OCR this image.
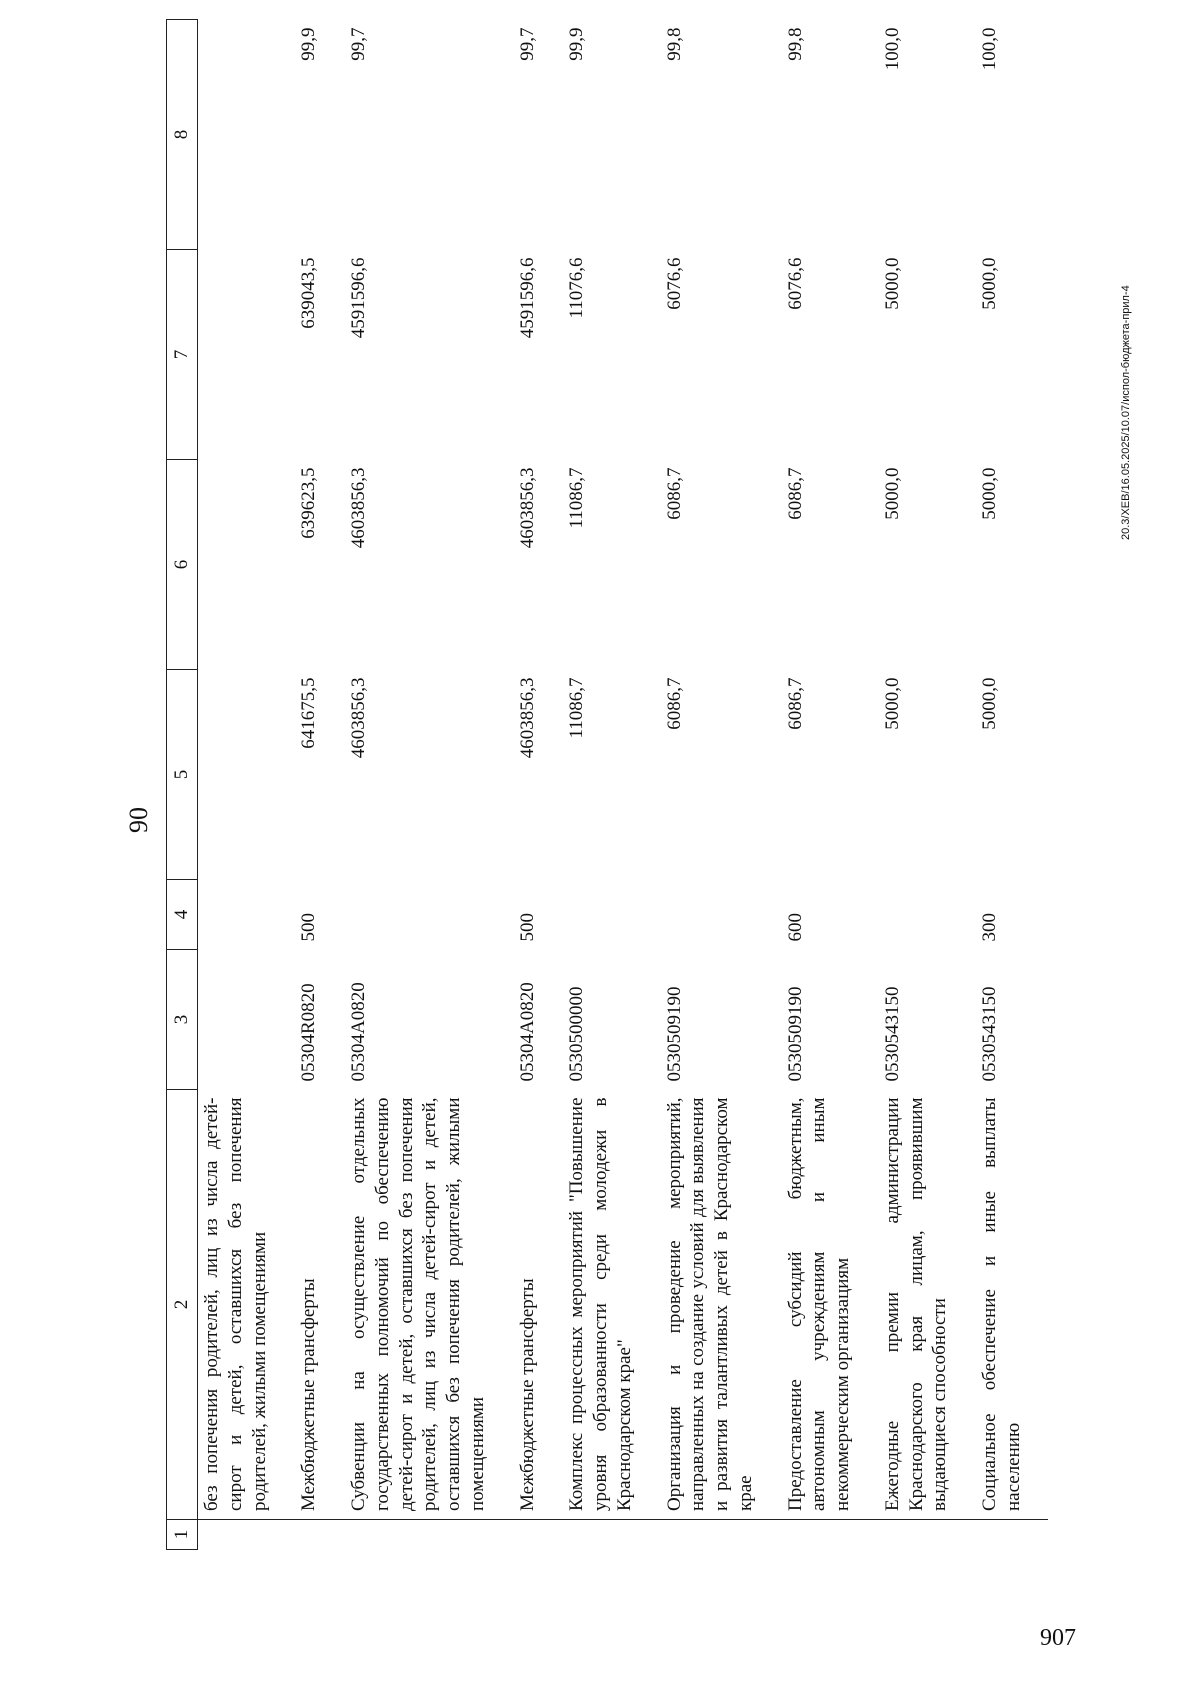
90
1	2	3	4	5	6	7	8
	без попечения родителей, лиц из числа детей-сирот и детей, оставшихся без попечения родителей, жилыми помещениями						
	Межбюджетные трансферты	05304R0820	500	641675,5	639623,5	639043,5	99,9
	Субвенции на осуществление отдельных государственных полномочий по обеспечению детей-сирот и детей, оставшихся без попечения родителей, лиц из числа детей-сирот и детей, оставшихся без попечения родителей, жилыми помещениями	05304A0820		4603856,3	4603856,3	4591596,6	99,7
	Межбюджетные трансферты	05304A0820	500	4603856,3	4603856,3	4591596,6	99,7
	Комплекс процессных мероприятий "Повышение уровня образованности среди молодежи в Краснодарском крае"	0530500000		11086,7	11086,7	11076,6	99,9
	Организация и проведение мероприятий, направленных на создание условий для выявления и развития талантливых детей в Краснодарском крае	0530509190		6086,7	6086,7	6076,6	99,8
	Предоставление субсидий бюджетным, автономным учреждениям и иным некоммерческим организациям	0530509190	600	6086,7	6086,7	6076,6	99,8
	Ежегодные премии администрации Краснодарского края лицам, проявившим выдающиеся способности	0530543150		5000,0	5000,0	5000,0	100,0
	Социальное обеспечение и иные выплаты населению	0530543150	300	5000,0	5000,0	5000,0	100,0
20.3/ХЕВ/16.05.2025/10.07/испол-бюджета-прил-4
907
